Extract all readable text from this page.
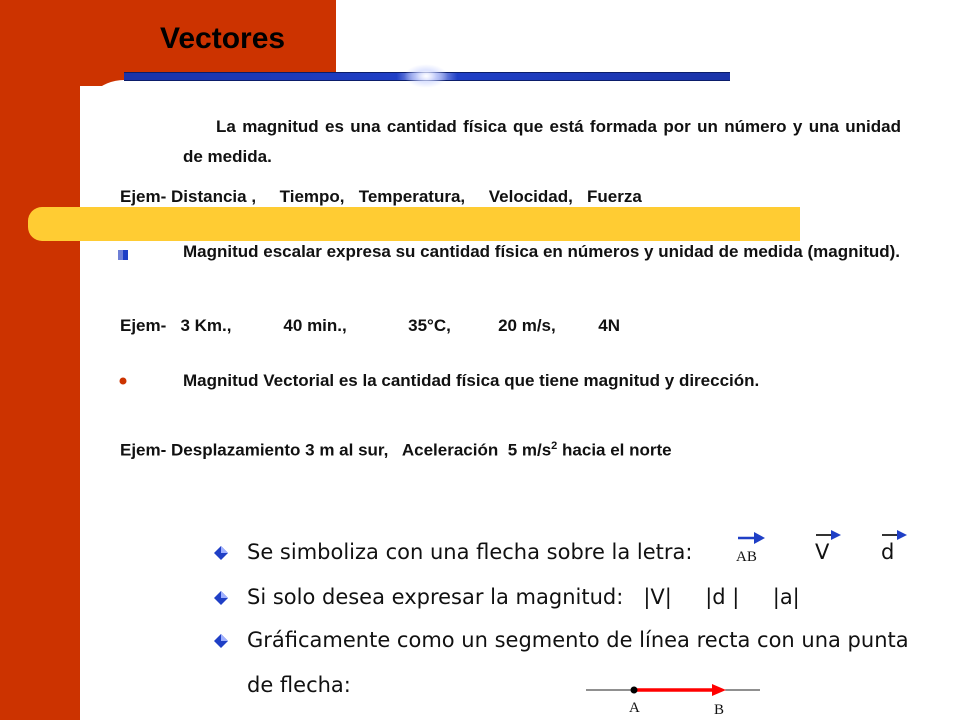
Vectores

La magnitud es una cantidad física que está formada por un número y una unidad de medida.

Ejem- Distancia ,     Tiempo,   Temperatura,     Velocidad,   Fuerza

Magnitud escalar expresa su cantidad física en números y unidad de medida (magnitud).

Ejem-   3 Km.,           40 min.,             35°C,          20 m/s,         4N

Magnitud Vectorial es la cantidad física que tiene magnitud y dirección.

Ejem- Desplazamiento 3 m al sur,   Aceleración  5 $m/s^2$ hacia el norte

Se simboliza con una flecha sobre la letra:	AB	V d
Si solo desea expresar la magnitud:   |V|     |d |     |a|
Gráficamente como un segmento de línea recta con una punta
de flecha:
A	B
